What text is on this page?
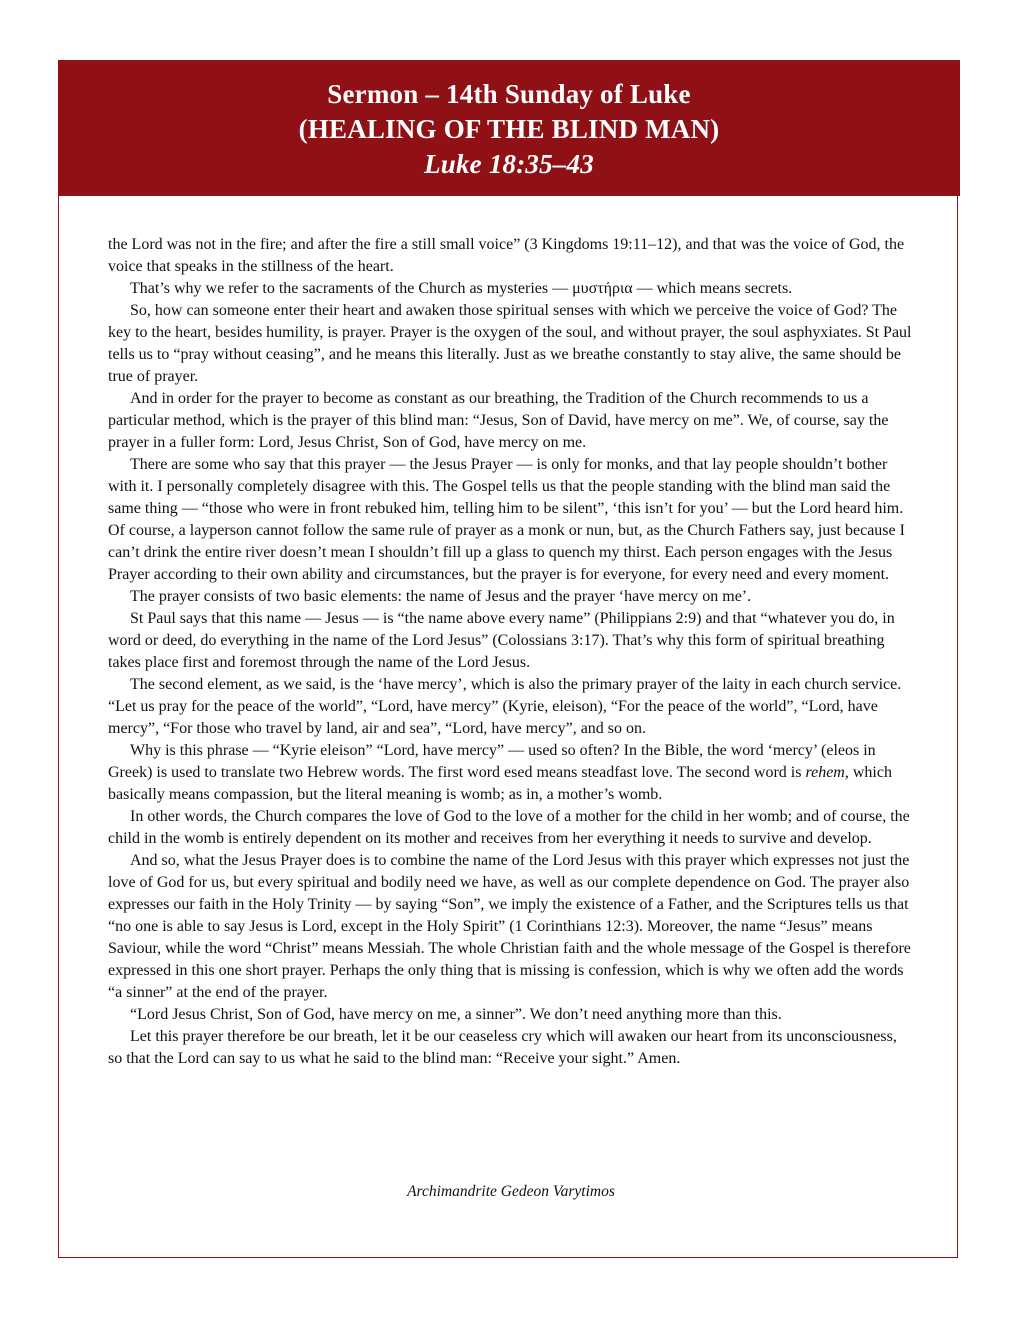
Sermon – 14th Sunday of Luke
(HEALING OF THE BLIND MAN)
Luke 18:35–43

the Lord was not in the fire; and after the fire a still small voice” (3 Kingdoms 19:11–12), and that was the voice of God, the voice that speaks in the stillness of the heart.

That’s why we refer to the sacraments of the Church as mysteries — μυστήρια — which means secrets.

So, how can someone enter their heart and awaken those spiritual senses with which we perceive the voice of God? The key to the heart, besides humility, is prayer. Prayer is the oxygen of the soul, and without prayer, the soul asphyxiates. St Paul tells us to “pray without ceasing”, and he means this literally. Just as we breathe constantly to stay alive, the same should be true of prayer.

And in order for the prayer to become as constant as our breathing, the Tradition of the Church recommends to us a particular method, which is the prayer of this blind man: “Jesus, Son of David, have mercy on me”. We, of course, say the prayer in a fuller form: Lord, Jesus Christ, Son of God, have mercy on me.

There are some who say that this prayer — the Jesus Prayer — is only for monks, and that lay people shouldn’t bother with it. I personally completely disagree with this. The Gospel tells us that the people standing with the blind man said the same thing — “those who were in front rebuked him, telling him to be silent”, ‘this isn’t for you’ — but the Lord heard him. Of course, a layperson cannot follow the same rule of prayer as a monk or nun, but, as the Church Fathers say, just because I can’t drink the entire river doesn’t mean I shouldn’t fill up a glass to quench my thirst. Each person engages with the Jesus Prayer according to their own ability and circumstances, but the prayer is for everyone, for every need and every moment.

The prayer consists of two basic elements: the name of Jesus and the prayer ‘have mercy on me’.

St Paul says that this name — Jesus — is “the name above every name” (Philippians 2:9) and that “whatever you do, in word or deed, do everything in the name of the Lord Jesus” (Colossians 3:17). That’s why this form of spiritual breathing takes place first and foremost through the name of the Lord Jesus.

The second element, as we said, is the ‘have mercy’, which is also the primary prayer of the laity in each church service. “Let us pray for the peace of the world”, “Lord, have mercy” (Kyrie, eleison), “For the peace of the world”, “Lord, have mercy”, “For those who travel by land, air and sea”, “Lord, have mercy”, and so on.

Why is this phrase — “Kyrie eleison” “Lord, have mercy” — used so often? In the Bible, the word ‘mercy’ (eleos in Greek) is used to translate two Hebrew words. The first word esed means steadfast love. The second word is rehem, which basically means compassion, but the literal meaning is womb; as in, a mother’s womb.

In other words, the Church compares the love of God to the love of a mother for the child in her womb; and of course, the child in the womb is entirely dependent on its mother and receives from her everything it needs to survive and develop.

And so, what the Jesus Prayer does is to combine the name of the Lord Jesus with this prayer which expresses not just the love of God for us, but every spiritual and bodily need we have, as well as our complete dependence on God. The prayer also expresses our faith in the Holy Trinity — by saying “Son”, we imply the existence of a Father, and the Scriptures tells us that “no one is able to say Jesus is Lord, except in the Holy Spirit” (1 Corinthians 12:3). Moreover, the name “Jesus” means Saviour, while the word “Christ” means Messiah. The whole Christian faith and the whole message of the Gospel is therefore expressed in this one short prayer. Perhaps the only thing that is missing is confession, which is why we often add the words “a sinner” at the end of the prayer.

“Lord Jesus Christ, Son of God, have mercy on me, a sinner”. We don’t need anything more than this.

Let this prayer therefore be our breath, let it be our ceaseless cry which will awaken our heart from its unconsciousness, so that the Lord can say to us what he said to the blind man: “Receive your sight.” Amen.

Archimandrite Gedeon Varytimos
